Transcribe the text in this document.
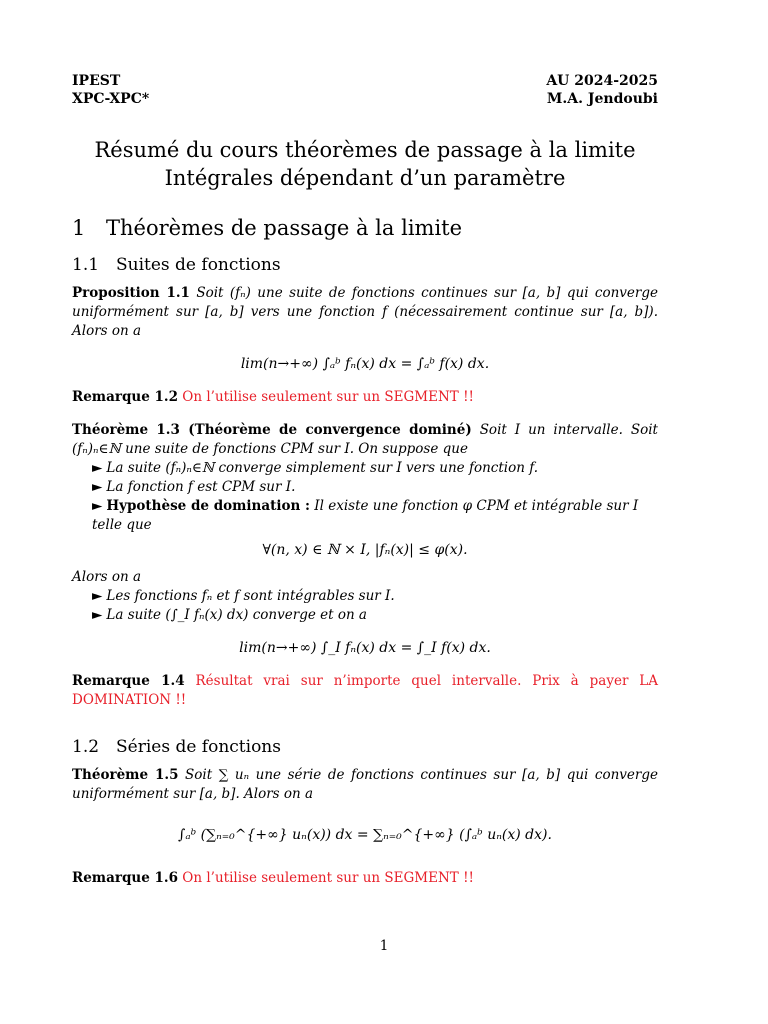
IPEST
XPC-XPC*
AU 2024-2025
M.A. Jendoubi
Résumé du cours théorèmes de passage à la limite
Intégrales dépendant d’un paramètre
1 Théorèmes de passage à la limite
1.1 Suites de fonctions
Proposition 1.1 Soit (fₙ) une suite de fonctions continues sur [a, b] qui converge uniformément sur [a, b] vers une fonction f (nécessairement continue sur [a, b]). Alors on a
lim(n→+∞) ∫ₐᵇ fₙ(x) dx = ∫ₐᵇ f(x) dx.
Remarque 1.2 On l’utilise seulement sur un SEGMENT !!
Théorème 1.3 (Théorème de convergence dominé) Soit I un intervalle. Soit (fₙ)ₙ∈ℕ une suite de fonctions CPM sur I. On suppose que
► La suite (fₙ)ₙ∈ℕ converge simplement sur I vers une fonction f.
► La fonction f est CPM sur I.
► Hypothèse de domination : Il existe une fonction φ CPM et intégrable sur I telle que
∀(n, x) ∈ ℕ × I, |fₙ(x)| ≤ φ(x).
Alors on a
► Les fonctions fₙ et f sont intégrables sur I.
► La suite (∫_I fₙ(x) dx) converge et on a
lim(n→+∞) ∫_I fₙ(x) dx = ∫_I f(x) dx.
Remarque 1.4 Résultat vrai sur n’importe quel intervalle. Prix à payer LA DOMINATION !!
1.2 Séries de fonctions
Théorème 1.5 Soit ∑ uₙ une série de fonctions continues sur [a, b] qui converge uniformément sur [a, b]. Alors on a
∫ₐᵇ (∑ₙ₌₀^{+∞} uₙ(x)) dx = ∑ₙ₌₀^{+∞} (∫ₐᵇ uₙ(x) dx).
Remarque 1.6 On l’utilise seulement sur un SEGMENT !!
1
